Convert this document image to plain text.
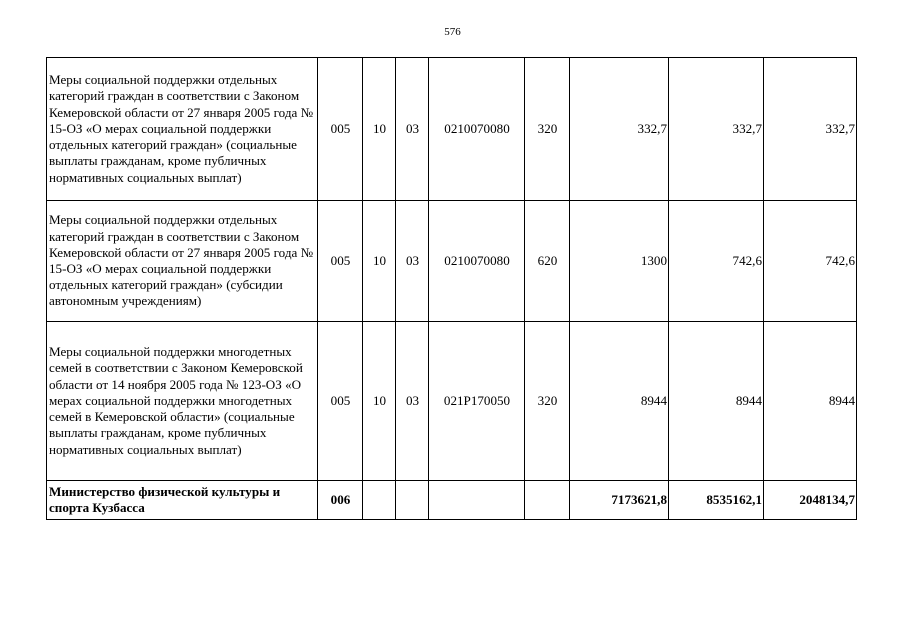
576
Меры социальной поддержки отдельных категорий граждан в соответствии с Законом Кемеровской области от 27 января 2005 года № 15-ОЗ «О мерах социальной поддержки отдельных категорий граждан» (социальные выплаты гражданам, кроме публичных нормативных социальных выплат)	005	10	03	0210070080	320	332,7	332,7	332,7
Меры социальной поддержки отдельных категорий граждан в соответствии с Законом Кемеровской области от 27 января 2005 года № 15-ОЗ «О мерах социальной поддержки отдельных категорий граждан» (субсидии автономным учреждениям)	005	10	03	0210070080	620	1300	742,6	742,6
Меры социальной поддержки многодетных семей в соответствии с Законом Кемеровской области от 14 ноября 2005 года № 123-ОЗ «О мерах социальной поддержки многодетных семей в Кемеровской области» (социальные выплаты гражданам, кроме публичных нормативных социальных выплат)	005	10	03	021P170050	320	8944	8944	8944
Министерство физической культуры и спорта Кузбасса	006					7173621,8	8535162,1	2048134,7
